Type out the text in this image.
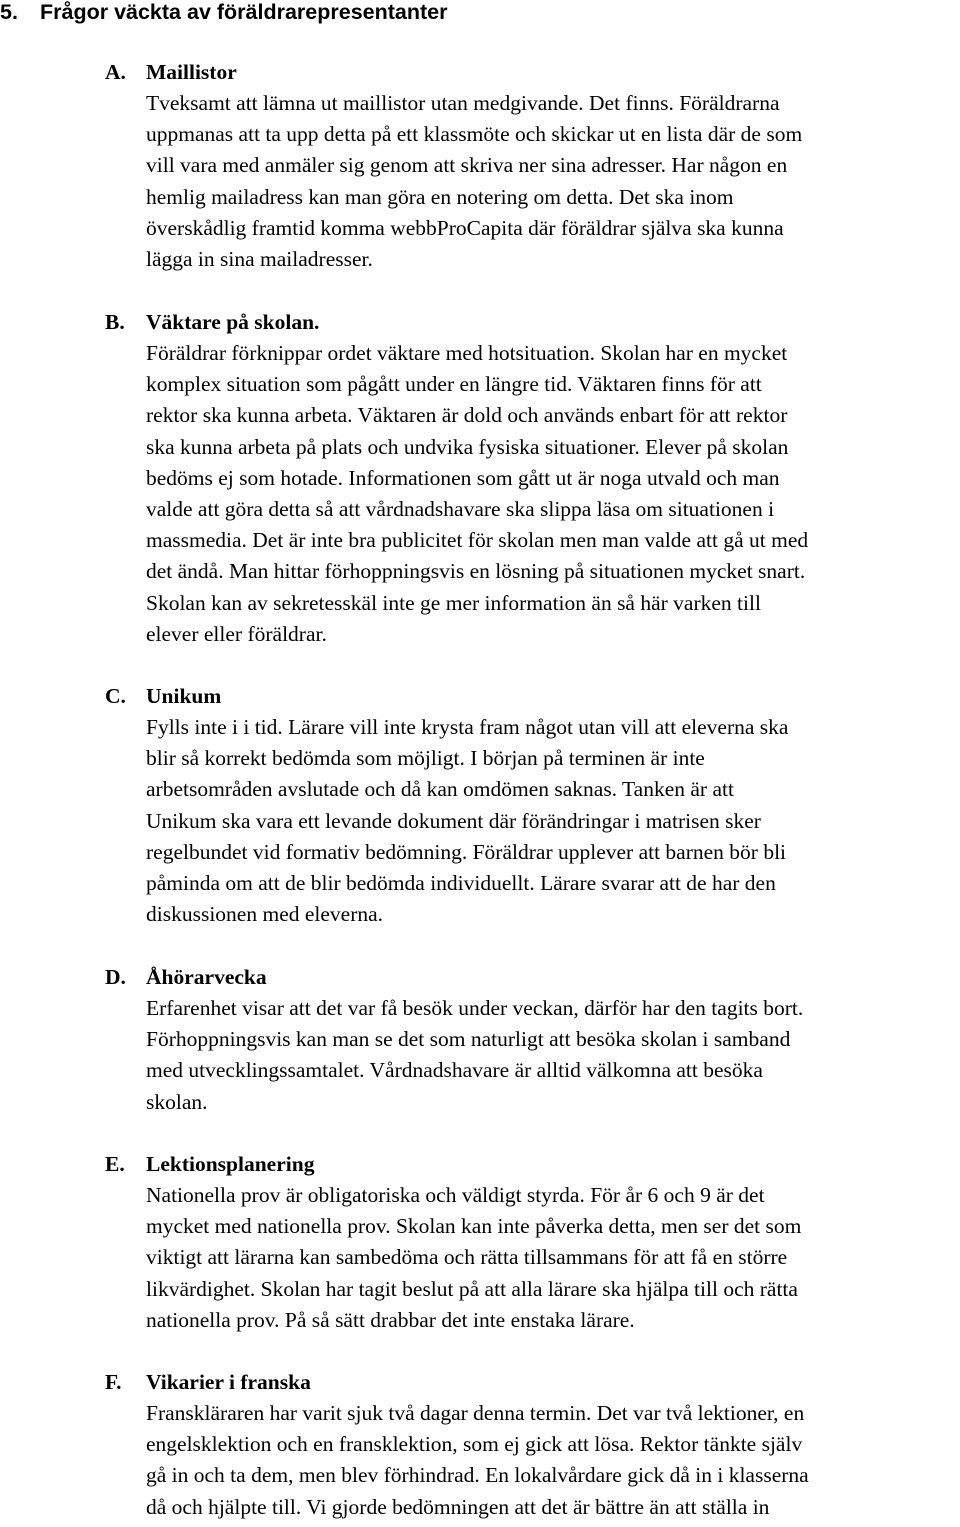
5. Frågor väckta av föräldrarepresentanter
A. Maillistor

Tveksamt att lämna ut maillistor utan medgivande. Det finns. Föräldrarna
uppmanas att ta upp detta på ett klassmöte och skickar ut en lista där de som
vill vara med anmäler sig genom att skriva ner sina adresser. Har någon en
hemlig mailadress kan man göra en notering om detta. Det ska inom
överskådlig framtid komma webbProCapita där föräldrar själva ska kunna
lägga in sina mailadresser.

B. Väktare på skolan.

Föräldrar förknippar ordet väktare med hotsituation. Skolan har en mycket
komplex situation som pågått under en längre tid. Väktaren finns för att
rektor ska kunna arbeta. Väktaren är dold och används enbart för att rektor
ska kunna arbeta på plats och undvika fysiska situationer. Elever på skolan
bedöms ej som hotade. Informationen som gått ut är noga utvald och man
valde att göra detta så att vårdnadshavare ska slippa läsa om situationen i
massmedia. Det är inte bra publicitet för skolan men man valde att gå ut med
det ändå. Man hittar förhoppningsvis en lösning på situationen mycket snart.
Skolan kan av sekretesskäl inte ge mer information än så här varken till
elever eller föräldrar.

C. Unikum

Fylls inte i i tid. Lärare vill inte krysta fram något utan vill att eleverna ska
blir så korrekt bedömda som möjligt. I början på terminen är inte
arbetsområden avslutade och då kan omdömen saknas. Tanken är att
Unikum ska vara ett levande dokument där förändringar i matrisen sker
regelbundet vid formativ bedömning. Föräldrar upplever att barnen bör bli
påminda om att de blir bedömda individuellt. Lärare svarar att de har den
diskussionen med eleverna.

D. Åhörarvecka

Erfarenhet visar att det var få besök under veckan, därför har den tagits bort.
Förhoppningsvis kan man se det som naturligt att besöka skolan i samband
med utvecklingssamtalet. Vårdnadshavare är alltid välkomna att besöka
skolan.

E. Lektionsplanering

Nationella prov är obligatoriska och väldigt styrda. För år 6 och 9 är det
mycket med nationella prov. Skolan kan inte påverka detta, men ser det som
viktigt att lärarna kan sambedöma och rätta tillsammans för att få en större
likvärdighet. Skolan har tagit beslut på att alla lärare ska hjälpa till och rätta
nationella prov. På så sätt drabbar det inte enstaka lärare.

F. Vikarier i franska

Franskläraren har varit sjuk två dagar denna termin. Det var två lektioner, en
engelsklektion och en fransklektion, som ej gick att lösa. Rektor tänkte själv
gå in och ta dem, men blev förhindrad. En lokalvårdare gick då in i klasserna
då och hjälpte till. Vi gjorde bedömningen att det är bättre än att ställa in
